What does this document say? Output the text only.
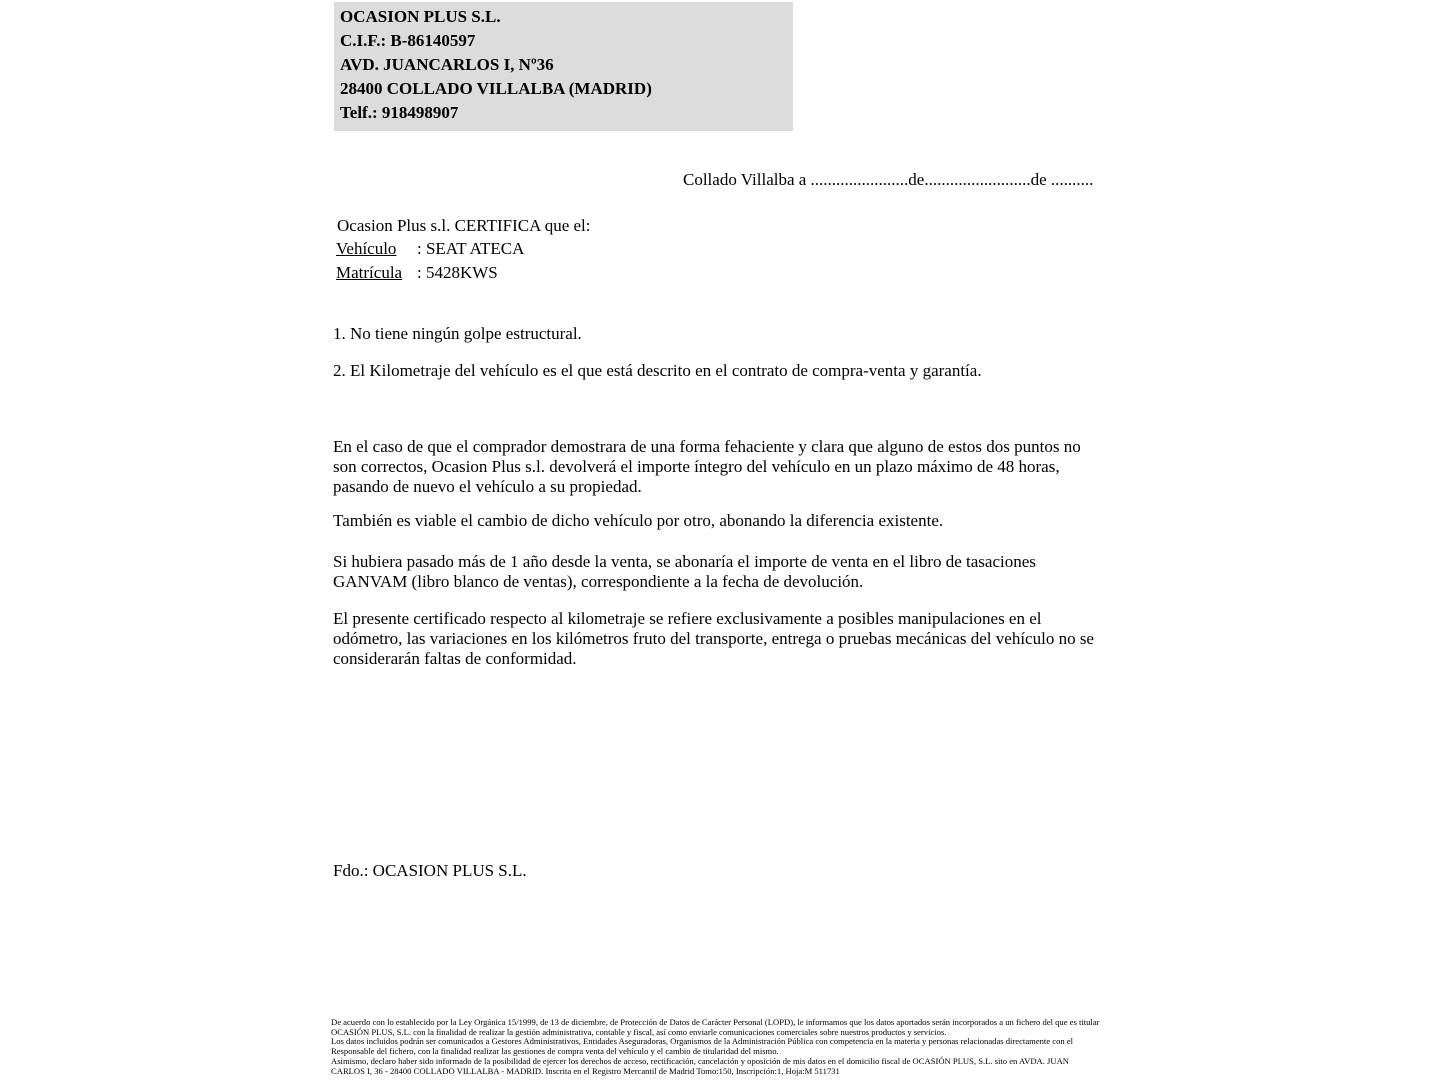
OCASION PLUS S.L.
C.I.F.: B-86140597
AVD. JUANCARLOS I, Nº36
28400 COLLADO VILLALBA (MADRID)
Telf.: 918498907
Collado Villalba a .......................de.........................de ..........
Ocasion Plus s.l. CERTIFICA que el:
Vehículo : SEAT ATECA
Matrícula : 5428KWS
1. No tiene ningún golpe estructural.
2. El Kilometraje del vehículo es el que está descrito en el contrato de compra-venta y garantía.
En el caso de que el comprador demostrara de una forma fehaciente y clara que alguno de estos dos puntos no son correctos, Ocasion Plus s.l. devolverá el importe íntegro del vehículo en un plazo máximo de 48 horas, pasando de nuevo el vehículo a su propiedad.
También es viable el cambio de dicho vehículo por otro, abonando la diferencia existente.
Si hubiera pasado más de 1 año desde la venta, se abonaría el importe de venta en el libro de tasaciones GANVAM (libro blanco de ventas), correspondiente a la fecha de devolución.
El presente certificado respecto al kilometraje se refiere exclusivamente a posibles manipulaciones en el odómetro, las variaciones en los kilómetros fruto del transporte, entrega o pruebas mecánicas del vehículo no se considerarán faltas de conformidad.
Fdo.: OCASION PLUS S.L.

De acuerdo con lo establecido por la Ley Orgánica 15/1999, de 13 de diciembre, de Protección de Datos de Carácter Personal (LOPD), le informamos que los datos aportados serán incorporados a un fichero del que es titular OCASIÓN PLUS, S.L. con la finalidad de realizar la gestión administrativa, contable y fiscal, así como enviarle comunicaciones comerciales sobre nuestros productos y servicios.

Los datos incluidos podrán ser comunicados a Gestores Administrativos, Entidades Aseguradoras, Organismos de la Administración Pública con competencia en la materia y personas relacionadas directamente con el Responsable del fichero, con la finalidad realizar las gestiones de compra venta del vehículo y el cambio de titularidad del mismo.

Asimismo, declaro haber sido informado de la posibilidad de ejercer los derechos de acceso, rectificación, cancelación y oposición de mis datos en el domicilio fiscal de OCASIÓN PLUS, S.L. sito en AVDA. JUAN CARLOS I, 36 - 28400 COLLADO VILLALBA - MADRID. Inscrita en el Registro Mercantil de Madrid Tomo:150, Inscripción:1, Hoja:M 511731
